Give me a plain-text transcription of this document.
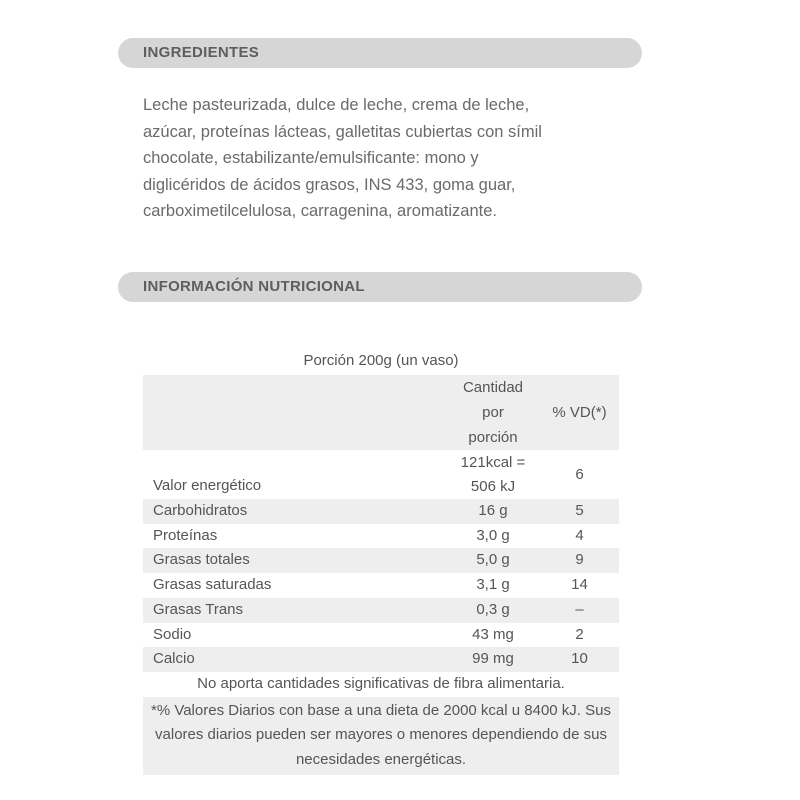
INGREDIENTES

Leche pasteurizada, dulce de leche, crema de leche,
azúcar, proteínas lácteas, galletitas cubiertas con símil
chocolate, estabilizante/emulsificante: mono y
diglicéridos de ácidos grasos, INS 433, goma guar,
carboximetilcelulosa, carragenina, aromatizante.

INFORMACIÓN NUTRICIONAL
Porción 200g (un vaso)
	Cantidad
por
porción	% VD(*)
Valor energético	121kcal =
506 kJ	6
Carbohidratos	16 g	5
Proteínas	3,0 g	4
Grasas totales	5,0 g	9
Grasas saturadas	3,1 g	14
Grasas Trans	0,3 g	–
Sodio	43 mg	2
Calcio	99 mg	10
No aporta cantidades significativas de fibra alimentaria.		
*% Valores Diarios con base a una dieta de 2000 kcal u 8400 kJ. Sus valores diarios pueden ser mayores o menores dependiendo de sus necesidades energéticas.		
